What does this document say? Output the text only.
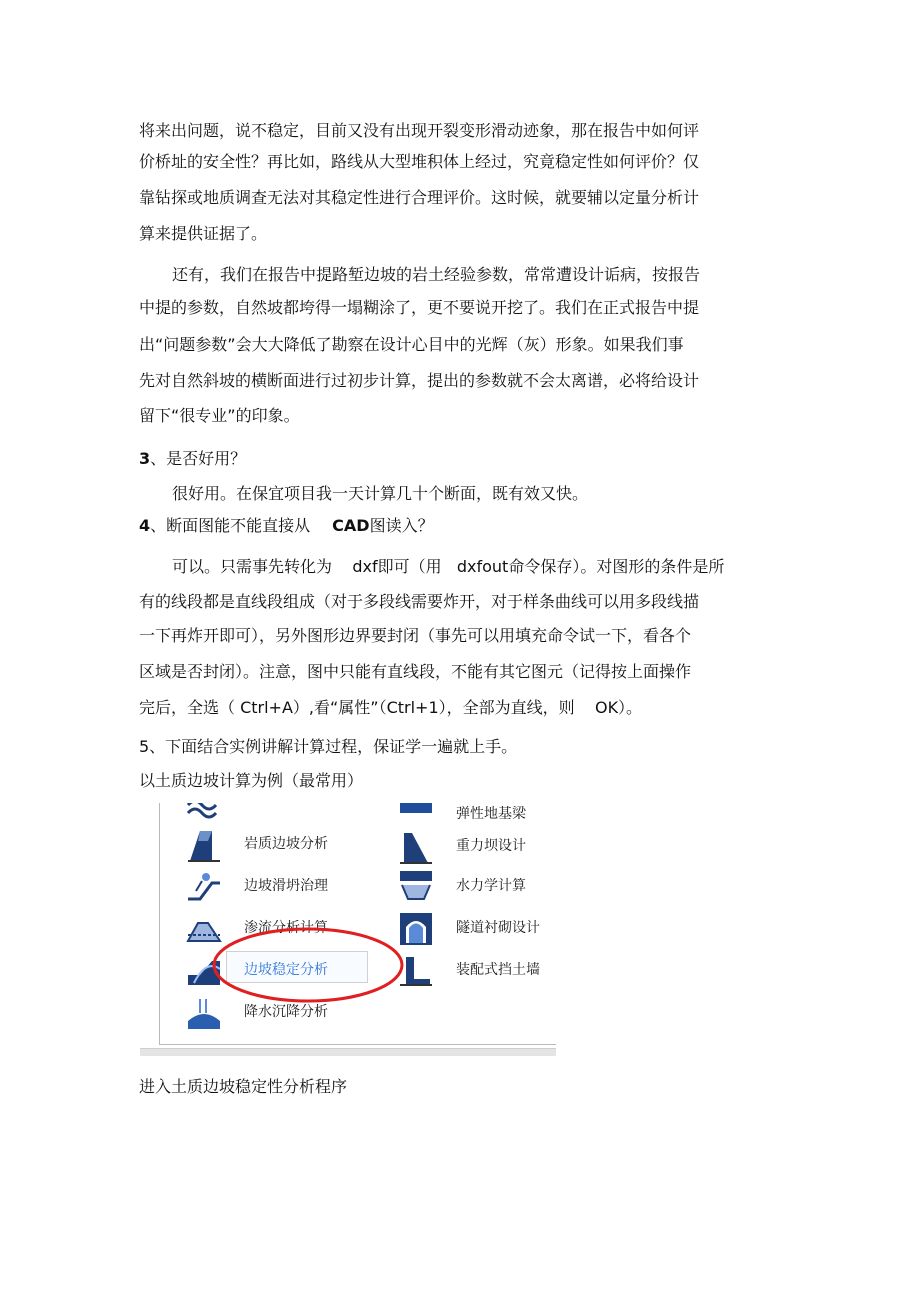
将来出问题，说不稳定，目前又没有出现开裂变形滑动迹象，那在报告中如何评
价桥址的安全性？再比如，路线从大型堆积体上经过，究竟稳定性如何评价？仅
靠钻探或地质调查无法对其稳定性进行合理评价。这时候，就要辅以定量分析计
算来提供证据了。
还有，我们在报告中提路堑边坡的岩土经验参数，常常遭设计诟病，按报告
中提的参数，自然坡都垮得一塌糊涂了，更不要说开挖了。我们在正式报告中提
出“问题参数”会大大降低了勘察在设计心目中的光辉（灰）形象。如果我们事
先对自然斜坡的横断面进行过初步计算，提出的参数就不会太离谱，必将给设计
留下“很专业”的印象。
3、是否好用？
很好用。在保宜项目我一天计算几十个断面，既有效又快。
4、断面图能不能直接从 CAD图读入？
可以。只需事先转化为    dxf即可（用   dxfout命令保存）。对图形的条件是所
有的线段都是直线段组成（对于多段线需要炸开，对于样条曲线可以用多段线描
一下再炸开即可），另外图形边界要封闭（事先可以用填充命令试一下，看各个
区域是否封闭）。注意，图中只能有直线段，不能有其它图元（记得按上面操作
完后，全选（ Ctrl+A）,看“属性”（Ctrl+1），全部为直线，则    OK）。
5、下面结合实例讲解计算过程，保证学一遍就上手。
以土质边坡计算为例（最常用）
弹性地基梁
岩质边坡分析
边坡滑坍治理
渗流分析计算
边坡稳定分析
降水沉降分析
重力坝设计
水力学计算
隧道衬砌设计
装配式挡土墙
进入土质边坡稳定性分析程序
